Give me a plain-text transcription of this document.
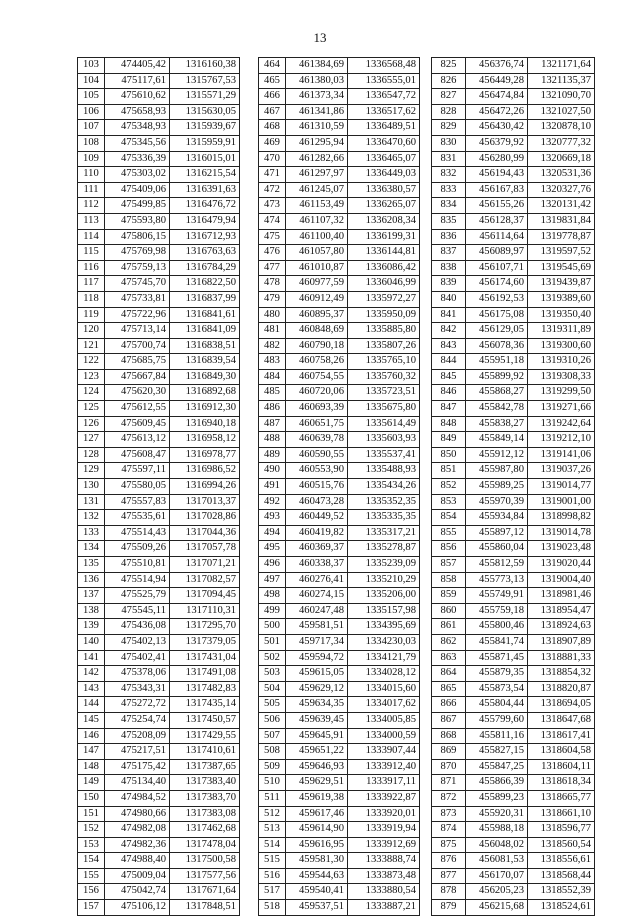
13
103	474405,42	1316160,38
104	475117,61	1315767,53
105	475610,62	1315571,29
106	475658,93	1315630,05
107	475348,93	1315939,67
108	475345,56	1315959,91
109	475336,39	1316015,01
110	475303,02	1316215,54
111	475409,06	1316391,63
112	475499,85	1316476,72
113	475593,80	1316479,94
114	475806,15	1316712,93
115	475769,98	1316763,63
116	475759,13	1316784,29
117	475745,70	1316822,50
118	475733,81	1316837,99
119	475722,96	1316841,61
120	475713,14	1316841,09
121	475700,74	1316838,51
122	475685,75	1316839,54
123	475667,84	1316849,30
124	475620,30	1316892,68
125	475612,55	1316912,30
126	475609,45	1316940,18
127	475613,12	1316958,12
128	475608,47	1316978,77
129	475597,11	1316986,52
130	475580,05	1316994,26
131	475557,83	1317013,37
132	475535,61	1317028,86
133	475514,43	1317044,36
134	475509,26	1317057,78
135	475510,81	1317071,21
136	475514,94	1317082,57
137	475525,79	1317094,45
138	475545,11	1317110,31
139	475436,08	1317295,70
140	475402,13	1317379,05
141	475402,41	1317431,04
142	475378,06	1317491,08
143	475343,31	1317482,83
144	475272,72	1317435,14
145	475254,74	1317450,57
146	475208,09	1317429,55
147	475217,51	1317410,61
148	475175,42	1317387,65
149	475134,40	1317383,40
150	474984,52	1317383,70
151	474980,66	1317383,08
152	474982,08	1317462,68
153	474982,36	1317478,04
154	474988,40	1317500,58
155	475009,04	1317577,56
156	475042,74	1317671,64
157	475106,12	1317848,51
464	461384,69	1336568,48
465	461380,03	1336555,01
466	461373,34	1336547,72
467	461341,86	1336517,62
468	461310,59	1336489,51
469	461295,94	1336470,60
470	461282,66	1336465,07
471	461297,97	1336449,03
472	461245,07	1336380,57
473	461153,49	1336265,07
474	461107,32	1336208,34
475	461100,40	1336199,31
476	461057,80	1336144,81
477	461010,87	1336086,42
478	460977,59	1336046,99
479	460912,49	1335972,27
480	460895,37	1335950,09
481	460848,69	1335885,80
482	460790,18	1335807,26
483	460758,26	1335765,10
484	460754,55	1335760,32
485	460720,06	1335723,51
486	460693,39	1335675,80
487	460651,75	1335614,49
488	460639,78	1335603,93
489	460590,55	1335537,41
490	460553,90	1335488,93
491	460515,76	1335434,26
492	460473,28	1335352,35
493	460449,52	1335335,35
494	460419,82	1335317,21
495	460369,37	1335278,87
496	460338,37	1335239,09
497	460276,41	1335210,29
498	460274,15	1335206,00
499	460247,48	1335157,98
500	459581,51	1334395,69
501	459717,34	1334230,03
502	459594,72	1334121,79
503	459615,05	1334028,12
504	459629,12	1334015,60
505	459634,35	1334017,62
506	459639,45	1334005,85
507	459645,91	1334000,59
508	459651,22	1333907,44
509	459646,93	1333912,40
510	459629,51	1333917,11
511	459619,38	1333922,87
512	459617,46	1333920,01
513	459614,90	1333919,94
514	459616,95	1333912,69
515	459581,30	1333888,74
516	459544,63	1333873,48
517	459540,41	1333880,54
518	459537,51	1333887,21
825	456376,74	1321171,64
826	456449,28	1321135,37
827	456474,84	1321090,70
828	456472,26	1321027,50
829	456430,42	1320878,10
830	456379,92	1320777,32
831	456280,99	1320669,18
832	456194,43	1320531,36
833	456167,83	1320327,76
834	456155,26	1320131,42
835	456128,37	1319831,84
836	456114,64	1319778,87
837	456089,97	1319597,52
838	456107,71	1319545,69
839	456174,60	1319439,87
840	456192,53	1319389,60
841	456175,08	1319350,40
842	456129,05	1319311,89
843	456078,36	1319300,60
844	455951,18	1319310,26
845	455899,92	1319308,33
846	455868,27	1319299,50
847	455842,78	1319271,66
848	455838,27	1319242,64
849	455849,14	1319212,10
850	455912,12	1319141,06
851	455987,80	1319037,26
852	455989,25	1319014,77
853	455970,39	1319001,00
854	455934,84	1318998,82
855	455897,12	1319014,78
856	455860,04	1319023,48
857	455812,59	1319020,44
858	455773,13	1319004,40
859	455749,91	1318981,46
860	455759,18	1318954,47
861	455800,46	1318924,63
862	455841,74	1318907,89
863	455871,45	1318881,33
864	455879,35	1318854,32
865	455873,54	1318820,87
866	455804,44	1318694,05
867	455799,60	1318647,68
868	455811,16	1318617,41
869	455827,15	1318604,58
870	455847,25	1318604,11
871	455866,39	1318618,34
872	455899,23	1318665,77
873	455920,31	1318661,10
874	455988,18	1318596,77
875	456048,02	1318560,54
876	456081,53	1318556,61
877	456170,07	1318568,44
878	456205,23	1318552,39
879	456215,68	1318524,61
